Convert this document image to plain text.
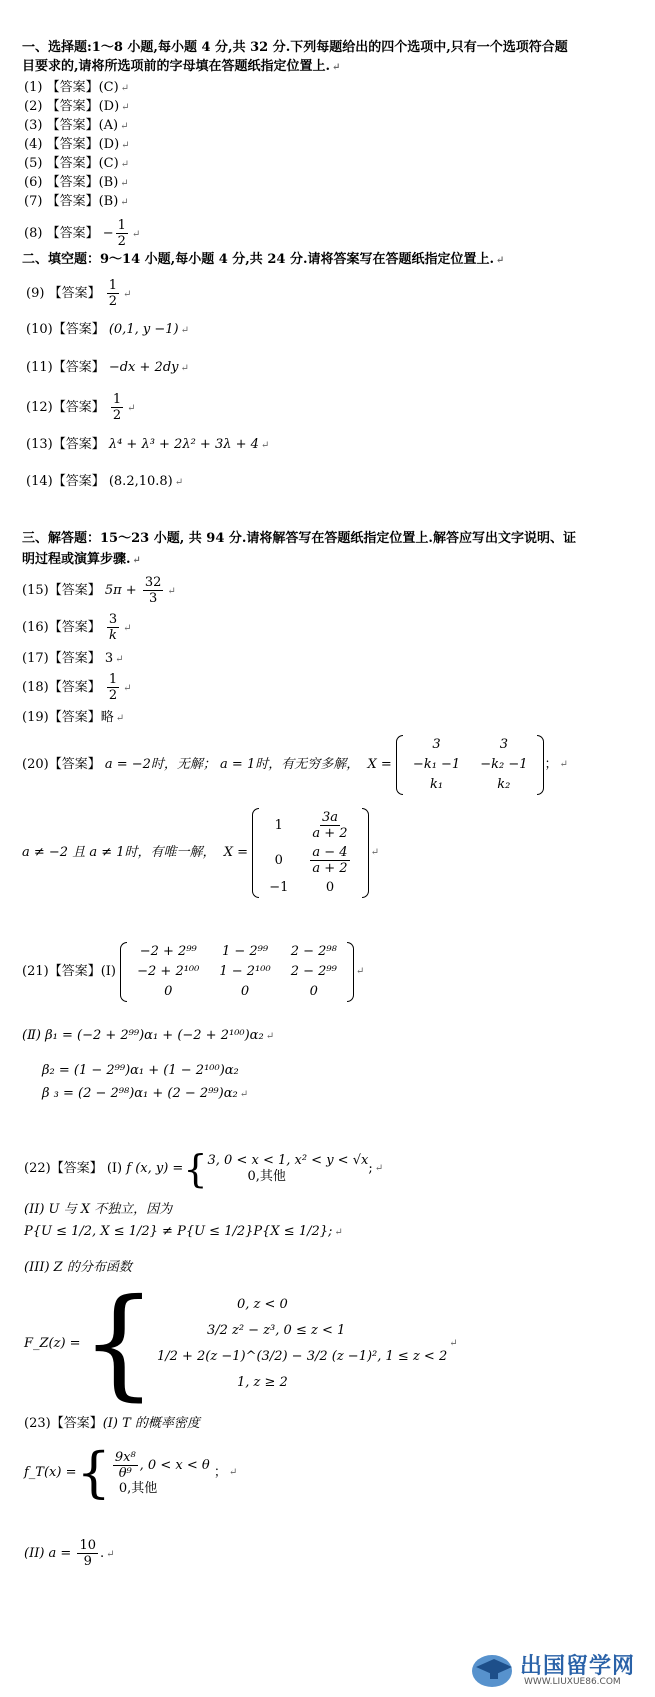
一、选择题:1～8 小题,每小题 4 分,共 32 分.下列每题给出的四个选项中,只有一个选项符合题
目要求的,请将所选项前的字母填在答题纸指定位置上. ↵
(1) 【答案】(C) ↵
(2) 【答案】(D) ↵
(3) 【答案】(A) ↵
(4) 【答案】(D) ↵
(5) 【答案】(C) ↵
(6) 【答案】(B) ↵
(7) 【答案】(B) ↵
(8) 【答案】 − $\frac{1}{2}$ ↵
二、填空题：9～14 小题,每小题 4 分,共 24 分.请将答案写在答题纸指定位置上. ↵
(9) 【答案】 $\frac{1}{2}$ ↵
(10)【答案】 (0,1, y −1) ↵
(11)【答案】 −dx + 2dy ↵
(12)【答案】 $\frac{1}{2}$ ↵
(13)【答案】 λ⁴ + λ³ + 2λ² + 3λ + 4 ↵
(14)【答案】 (8.2,10.8) ↵
三、解答题：15～23 小题, 共 94 分.请将解答写在答题纸指定位置上.解答应写出文字说明、证
明过程或演算步骤. ↵
(15)【答案】 $5\pi + \frac{32}{3}$ ↵
(16)【答案】 $\frac{3}{k}$ ↵
(17)【答案】 3 ↵
(18)【答案】 $\frac{1}{2}$ ↵
(19)【答案】略 ↵
(20) 【答案】
a = −2时，无解； a = 1时，有无穷多解，
X =

3	3
−k₁ −1	−k₂ −1
k₁	k₂
； ↵
a ≠ −2 且 a ≠ 1时，有唯一解，
X =

1	$\frac{3a}{a + 2}$

0	$\frac{a - 4}{a + 2}$

−1	0
↵
(21) 【答案】 (Ⅰ)

−2 + 2⁹⁹	1 − 2⁹⁹	2 − 2⁹⁸
−2 + 2¹⁰⁰	1 − 2¹⁰⁰	2 − 2⁹⁹
0	0	0
↵
(Ⅱ) β₁ = (−2 + 2⁹⁹)α₁ + (−2 + 2¹⁰⁰)α₂ ↵
β₂ = (1 − 2⁹⁹)α₁ + (1 − 2¹⁰⁰)α₂
β ₃ = (2 − 2⁹⁸)α₁ + (2 − 2⁹⁹)α₂ ↵
(22) 【答案】
(I)
f (x, y) = { 3, 0 < x < 1, x² < y < √x
0,其他
; ↵
(II) U 与 X 不独立，因为
P{U ≤ 1/2, X ≤ 1/2} ≠ P{U ≤ 1/2}P{X ≤ 1/2}; ↵
(III) Z 的分布函数
F_Z(z) = {	0, z < 0
3/2 z² − z³, 0 ≤ z < 1
1/2 + 2(z −1)^(3/2) − 3/2 (z −1)², 1 ≤ z < 2
1, z ≥ 2
↵
(23)【答案】(I) T 的概率密度
f_T(x) = { $\frac{\text{9x⁸}}{\text{θ⁹}}$ , 0 < x < θ
0,其他

； ↵
(II) $a = \frac{10}{9}$ . ↵
出国留学网
WWW.LIUXUE86.COM
